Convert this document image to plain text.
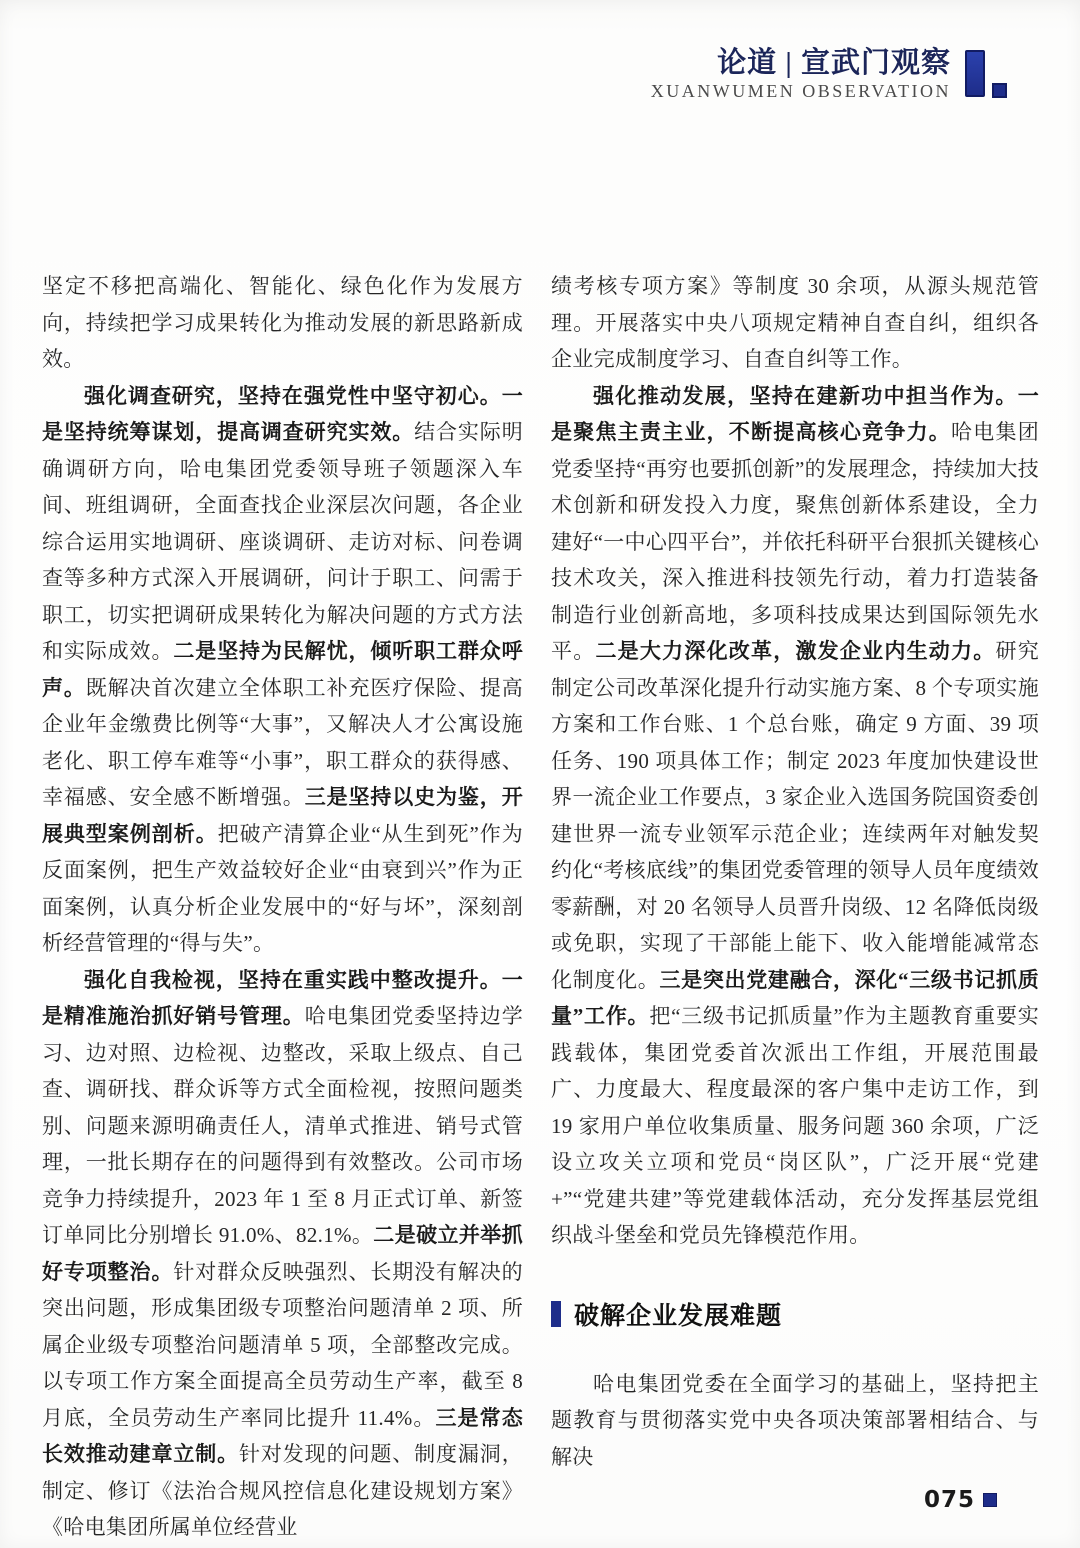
论道 | 宣武门观察
XUANWUMEN OBSERVATION

坚定不移把高端化、智能化、绿色化作为发展方向，持续把学习成果转化为推动发展的新思路新成效。

强化调查研究，坚持在强党性中坚守初心。一是坚持统筹谋划，提高调查研究实效。结合实际明确调研方向，哈电集团党委领导班子领题深入车间、班组调研，全面查找企业深层次问题，各企业综合运用实地调研、座谈调研、走访对标、问卷调查等多种方式深入开展调研，问计于职工、问需于职工，切实把调研成果转化为解决问题的方式方法和实际成效。二是坚持为民解忧，倾听职工群众呼声。既解决首次建立全体职工补充医疗保险、提高企业年金缴费比例等“大事”，又解决人才公寓设施老化、职工停车难等“小事”，职工群众的获得感、幸福感、安全感不断增强。三是坚持以史为鉴，开展典型案例剖析。把破产清算企业“从生到死”作为反面案例，把生产效益较好企业“由衰到兴”作为正面案例，认真分析企业发展中的“好与坏”，深刻剖析经营管理的“得与失”。

强化自我检视，坚持在重实践中整改提升。一是精准施治抓好销号管理。哈电集团党委坚持边学习、边对照、边检视、边整改，采取上级点、自己查、调研找、群众诉等方式全面检视，按照问题类别、问题来源明确责任人，清单式推进、销号式管理，一批长期存在的问题得到有效整改。公司市场竞争力持续提升，2023 年 1 至 8 月正式订单、新签订单同比分别增长 91.0%、82.1%。二是破立并举抓好专项整治。针对群众反映强烈、长期没有解决的突出问题，形成集团级专项整治问题清单 2 项、所属企业级专项整治问题清单 5 项，全部整改完成。以专项工作方案全面提高全员劳动生产率，截至 8 月底，全员劳动生产率同比提升 11.4%。三是常态长效推动建章立制。针对发现的问题、制度漏洞，制定、修订《法治合规风控信息化建设规划方案》《哈电集团所属单位经营业

绩考核专项方案》等制度 30 余项，从源头规范管理。开展落实中央八项规定精神自查自纠，组织各企业完成制度学习、自查自纠等工作。

强化推动发展，坚持在建新功中担当作为。一是聚焦主责主业，不断提高核心竞争力。哈电集团党委坚持“再穷也要抓创新”的发展理念，持续加大技术创新和研发投入力度，聚焦创新体系建设，全力建好“一中心四平台”，并依托科研平台狠抓关键核心技术攻关，深入推进科技领先行动，着力打造装备制造行业创新高地，多项科技成果达到国际领先水平。二是大力深化改革，激发企业内生动力。研究制定公司改革深化提升行动实施方案、8 个专项实施方案和工作台账、1 个总台账，确定 9 方面、39 项任务、190 项具体工作；制定 2023 年度加快建设世界一流企业工作要点，3 家企业入选国务院国资委创建世界一流专业领军示范企业；连续两年对触发契约化“考核底线”的集团党委管理的领导人员年度绩效零薪酬，对 20 名领导人员晋升岗级、12 名降低岗级或免职，实现了干部能上能下、收入能增能减常态化制度化。三是突出党建融合，深化“三级书记抓质量”工作。把“三级书记抓质量”作为主题教育重要实践载体，集团党委首次派出工作组，开展范围最广、力度最大、程度最深的客户集中走访工作，到 19 家用户单位收集质量、服务问题 360 余项，广泛设立攻关立项和党员“岗区队”，广泛开展“党建 +”“党建共建”等党建载体活动，充分发挥基层党组织战斗堡垒和党员先锋模范作用。

破解企业发展难题

哈电集团党委在全面学习的基础上，坚持把主题教育与贯彻落实党中央各项决策部署相结合、与解决

075
